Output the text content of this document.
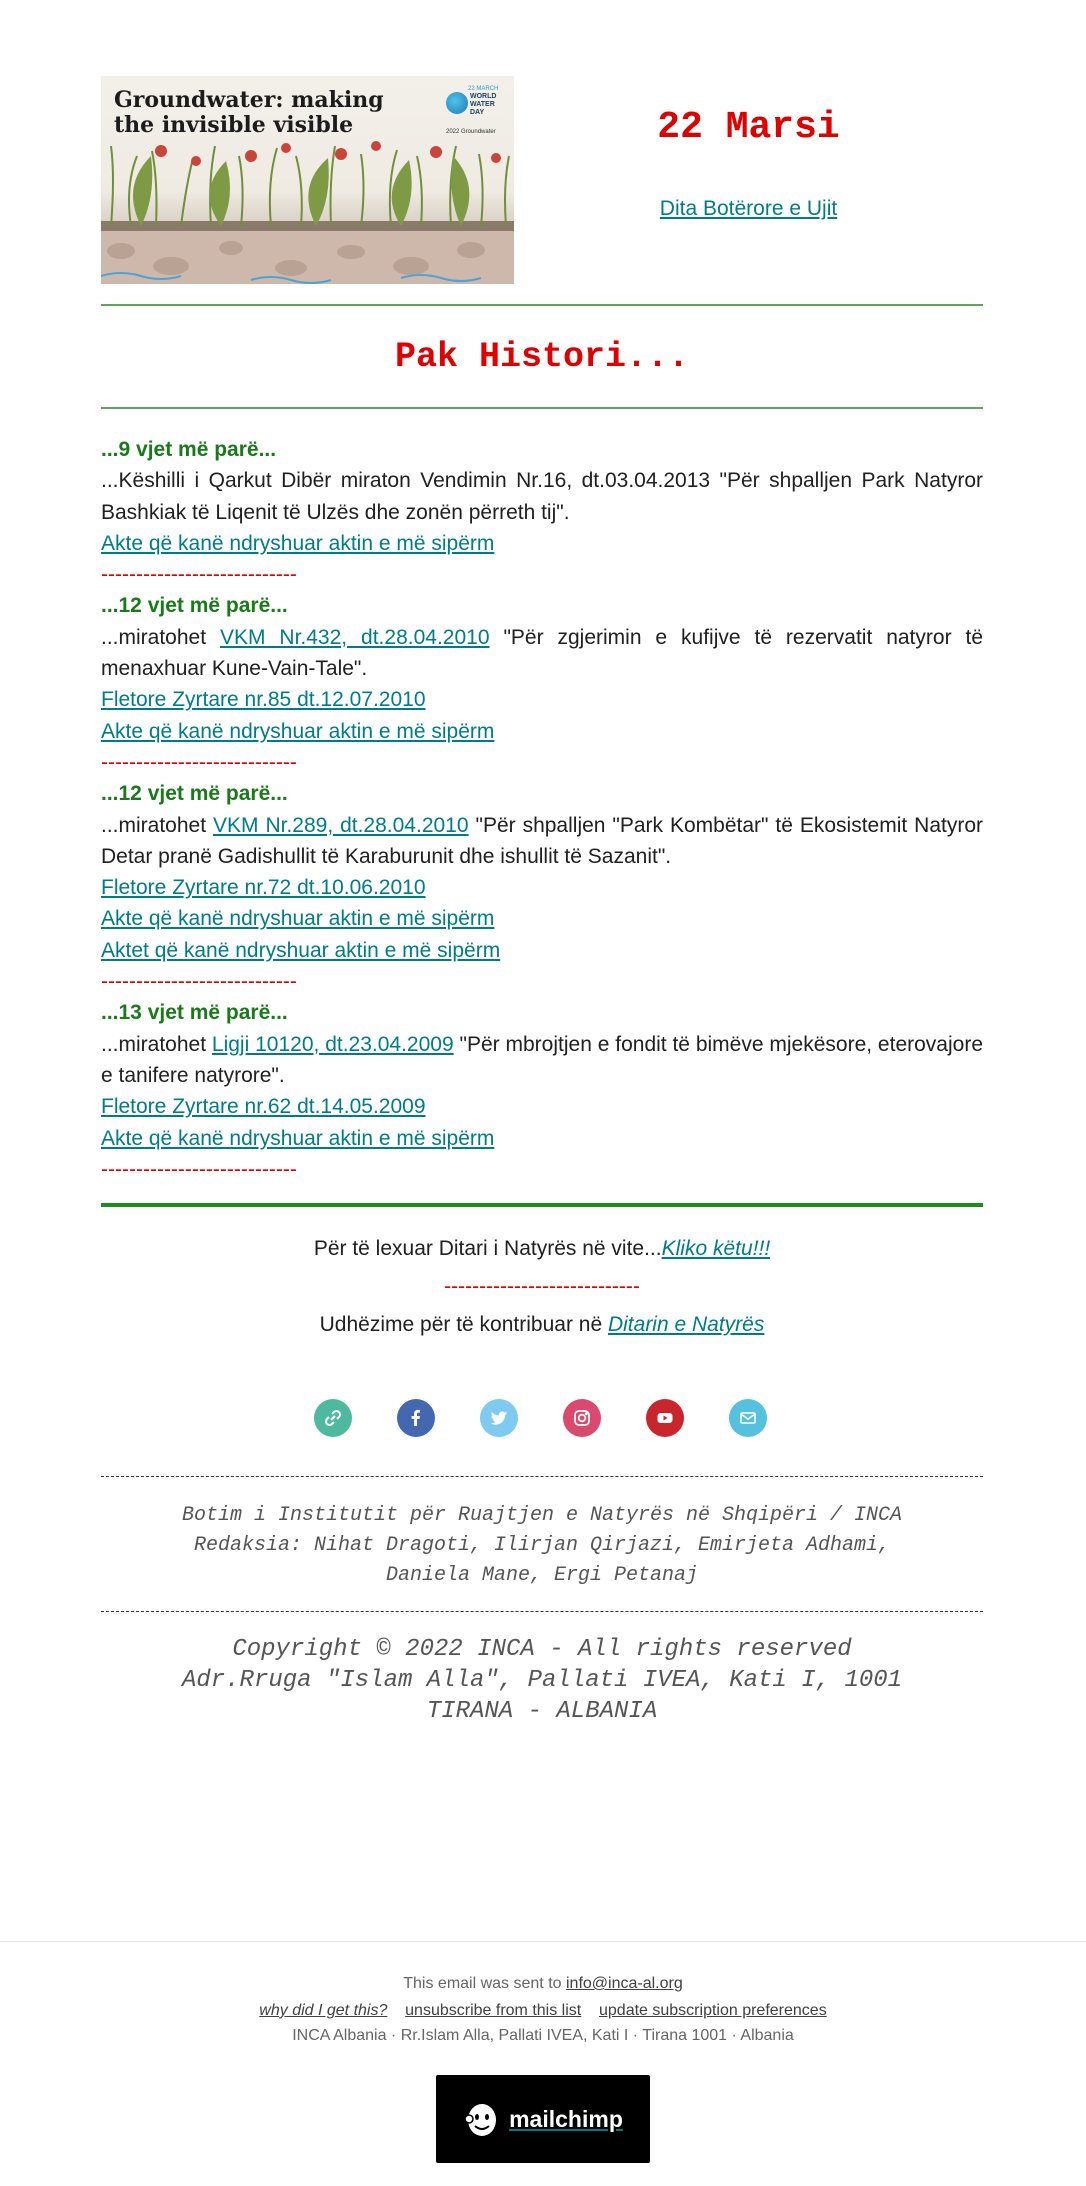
Groundwater: making the invisible visible
22 MARCH
WORLD WATER DAY
2022 Groundwater	22 Marsi
Dita Botërore e Ujit
Pak Histori...
...9 vjet më parë...
...Këshilli i Qarkut Dibër miraton Vendimin Nr.16, dt.03.04.2013 "Për shpalljen Park Natyror Bashkiak të Liqenit të Ulzës dhe zonën përreth tij".
Akte që kanë ndryshuar aktin e më sipërm
----------------------------
...12 vjet më parë...
...miratohet VKM Nr.432, dt.28.04.2010 "Për zgjerimin e kufijve të rezervatit natyror të menaxhuar Kune-Vain-Tale".
Fletore Zyrtare nr.85 dt.12.07.2010
Akte që kanë ndryshuar aktin e më sipërm
----------------------------
...12 vjet më parë...
...miratohet VKM Nr.289, dt.28.04.2010 "Për shpalljen "Park Kombëtar" të Ekosistemit Natyror Detar pranë Gadishullit të Karaburunit dhe ishullit të Sazanit".
Fletore Zyrtare nr.72 dt.10.06.2010
Akte që kanë ndryshuar aktin e më sipërm
Aktet që kanë ndryshuar aktin e më sipërm
----------------------------
...13 vjet më parë...
...miratohet Ligji 10120, dt.23.04.2009 "Për mbrojtjen e fondit të bimëve mjekësore, eterovajore e tanifere natyrore".
Fletore Zyrtare nr.62 dt.14.05.2009
Akte që kanë ndryshuar aktin e më sipërm
----------------------------
Për të lexuar Ditari i Natyrës në vite...Kliko këtu!!!
----------------------------
Udhëzime për të kontribuar në Ditarin e Natyrës
Botim i Institutit për Ruajtjen e Natyrës në Shqipëri / INCA
Redaksia: Nihat Dragoti, Ilirjan Qirjazi, Emirjeta Adhami,
Daniela Mane, Ergi Petanaj
Copyright © 2022 INCA - All rights reserved
Adr.Rruga "Islam Alla", Pallati IVEA, Kati I, 1001
TIRANA - ALBANIA
This email was sent to info@inca-al.org
why did I get this? unsubscribe from this list update subscription preferences
INCA Albania · Rr.Islam Alla, Pallati IVEA, Kati I · Tirana 1001 · Albania
mailchimp
